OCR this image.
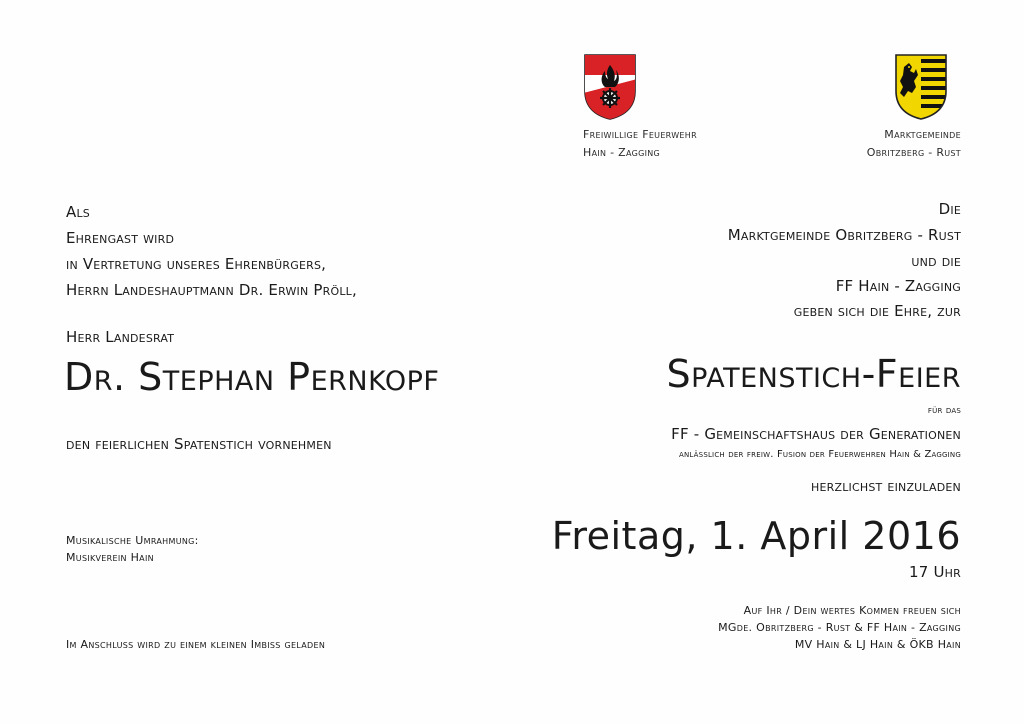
Freiwillige Feuerwehr
Hain - Zagging
Marktgemeinde
Obritzberg - Rust
Als
Ehrengast wird
in Vertretung unseres Ehrenbürgers,
Herrn Landeshauptmann Dr. Erwin Pröll,
Herr Landesrat
Dr. Stephan Pernkopf
den feierlichen Spatenstich vornehmen
Musikalische Umrahmung:
Musikverein Hain
Im Anschluss wird zu einem kleinen Imbiss geladen
Die
Marktgemeinde Obritzberg - Rust
und die
FF Hain - Zagging
geben sich die Ehre, zur
Spatenstich-Feier
für das
FF - Gemeinschaftshaus der Generationen
anlässlich der freiw. Fusion der Feuerwehren Hain & Zagging
herzlichst einzuladen
Freitag, 1. April 2016
17 Uhr
Auf Ihr / Dein wertes Kommen freuen sich
MGde. Obritzberg - Rust & FF Hain - Zagging
MV Hain & LJ Hain & ÖKB Hain
